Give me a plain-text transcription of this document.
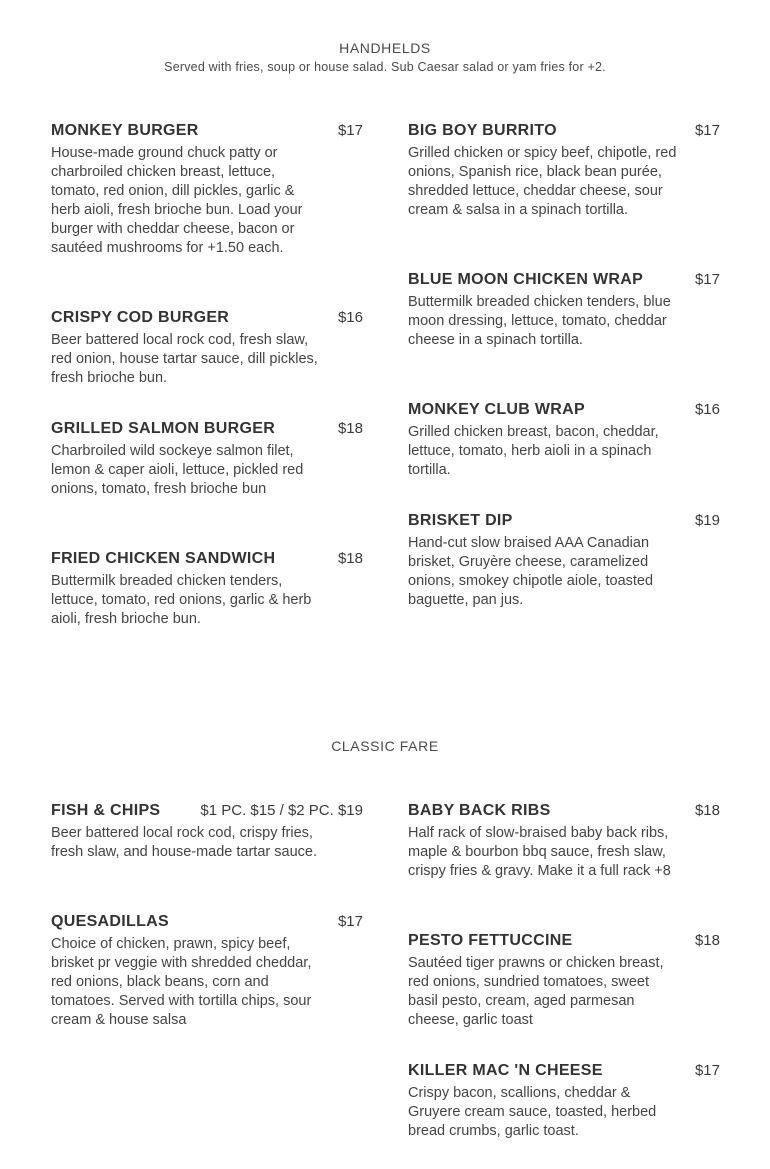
HANDHELDS
Served with fries, soup or house salad. Sub Caesar salad or yam fries for +2.
MONKEY BURGER	$17
House-made ground chuck patty or charbroiled chicken breast, lettuce, tomato, red onion, dill pickles, garlic & herb aioli, fresh brioche bun. Load your burger with cheddar cheese, bacon or sautéed mushrooms for +1.50 each.
CRISPY COD BURGER	$16
Beer battered local rock cod, fresh slaw, red onion, house tartar sauce, dill pickles, fresh brioche bun.
GRILLED SALMON BURGER	$18
Charbroiled wild sockeye salmon filet, lemon & caper aioli, lettuce, pickled red onions, tomato, fresh brioche bun
FRIED CHICKEN SANDWICH	$18
Buttermilk breaded chicken tenders, lettuce, tomato, red onions, garlic & herb aioli, fresh brioche bun.
BIG BOY BURRITO	$17
Grilled chicken or spicy beef, chipotle, red onions, Spanish rice, black bean purée, shredded lettuce, cheddar cheese, sour cream & salsa in a spinach tortilla.
BLUE MOON CHICKEN WRAP	$17
Buttermilk breaded chicken tenders, blue moon dressing, lettuce, tomato, cheddar cheese in a spinach tortilla.
MONKEY CLUB WRAP	$16
Grilled chicken breast, bacon, cheddar, lettuce, tomato, herb aioli in a spinach tortilla.
BRISKET DIP	$19
Hand-cut slow braised AAA Canadian brisket, Gruyère cheese, caramelized onions, smokey chipotle aiole, toasted baguette, pan jus.
CLASSIC FARE
FISH & CHIPS	$1 PC. $15 / $2 PC. $19
Beer battered local rock cod, crispy fries, fresh slaw, and house-made tartar sauce.
QUESADILLAS	$17
Choice of chicken, prawn, spicy beef, brisket pr veggie with shredded cheddar, red onions, black beans, corn and tomatoes. Served with tortilla chips, sour cream & house salsa
BABY BACK RIBS	$18
Half rack of slow-braised baby back ribs, maple & bourbon bbq sauce, fresh slaw, crispy fries & gravy. Make it a full rack +8
PESTO FETTUCCINE	$18
Sautéed tiger prawns or chicken breast, red onions, sundried tomatoes, sweet basil pesto, cream, aged parmesan cheese, garlic toast
KILLER MAC 'N CHEESE	$17
Crispy bacon, scallions, cheddar & Gruyere cream sauce, toasted, herbed bread crumbs, garlic toast.
